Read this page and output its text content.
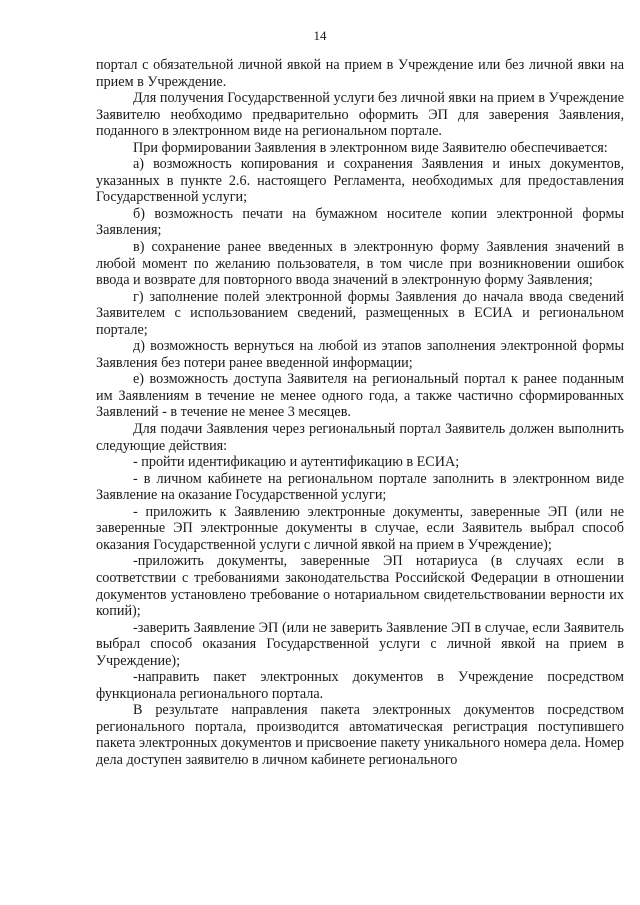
14

портал с обязательной личной явкой на прием в Учреждение или без личной явки на прием в Учреждение.

Для получения Государственной услуги без личной явки на прием в Учреждение Заявителю необходимо предварительно оформить ЭП для заверения Заявления, поданного в электронном виде на региональном портале.

При формировании Заявления в электронном виде Заявителю обеспечивается:

а) возможность копирования и сохранения Заявления и иных документов, указанных в пункте 2.6. настоящего Регламента, необходимых для предоставления Государственной услуги;

б) возможность печати на бумажном носителе копии электронной формы Заявления;

в) сохранение ранее введенных в электронную форму Заявления значений в любой момент по желанию пользователя, в том числе при возникновении ошибок ввода и возврате для повторного ввода значений в электронную форму Заявления;

г) заполнение полей электронной формы Заявления до начала ввода сведений Заявителем с использованием сведений, размещенных в ЕСИА и региональном портале;

д) возможность вернуться на любой из этапов заполнения электронной формы Заявления без потери ранее введенной информации;

е) возможность доступа Заявителя на региональный портал к ранее поданным им Заявлениям в течение не менее одного года, а также частично сформированных Заявлений - в течение не менее 3 месяцев.

Для подачи Заявления через региональный портал Заявитель должен выполнить следующие действия:

- пройти идентификацию и аутентификацию в ЕСИА;

- в личном кабинете на региональном портале заполнить в электронном виде Заявление на оказание Государственной услуги;

- приложить к Заявлению электронные документы, заверенные ЭП (или не заверенные ЭП электронные документы в случае, если Заявитель выбрал способ оказания Государственной услуги с личной явкой на прием в Учреждение);

-приложить документы, заверенные ЭП нотариуса (в случаях если в соответствии с требованиями законодательства Российской Федерации в отношении документов установлено требование о нотариальном свидетельствовании верности их копий);

-заверить Заявление ЭП (или не заверить Заявление ЭП в случае, если Заявитель выбрал способ оказания Государственной услуги с личной явкой на прием в Учреждение);

-направить пакет электронных документов в Учреждение посредством функционала регионального портала.

В результате направления пакета электронных документов посредством регионального портала, производится автоматическая регистрация поступившего пакета электронных документов и присвоение пакету уникального номера дела. Номер дела доступен заявителю в личном кабинете регионального
